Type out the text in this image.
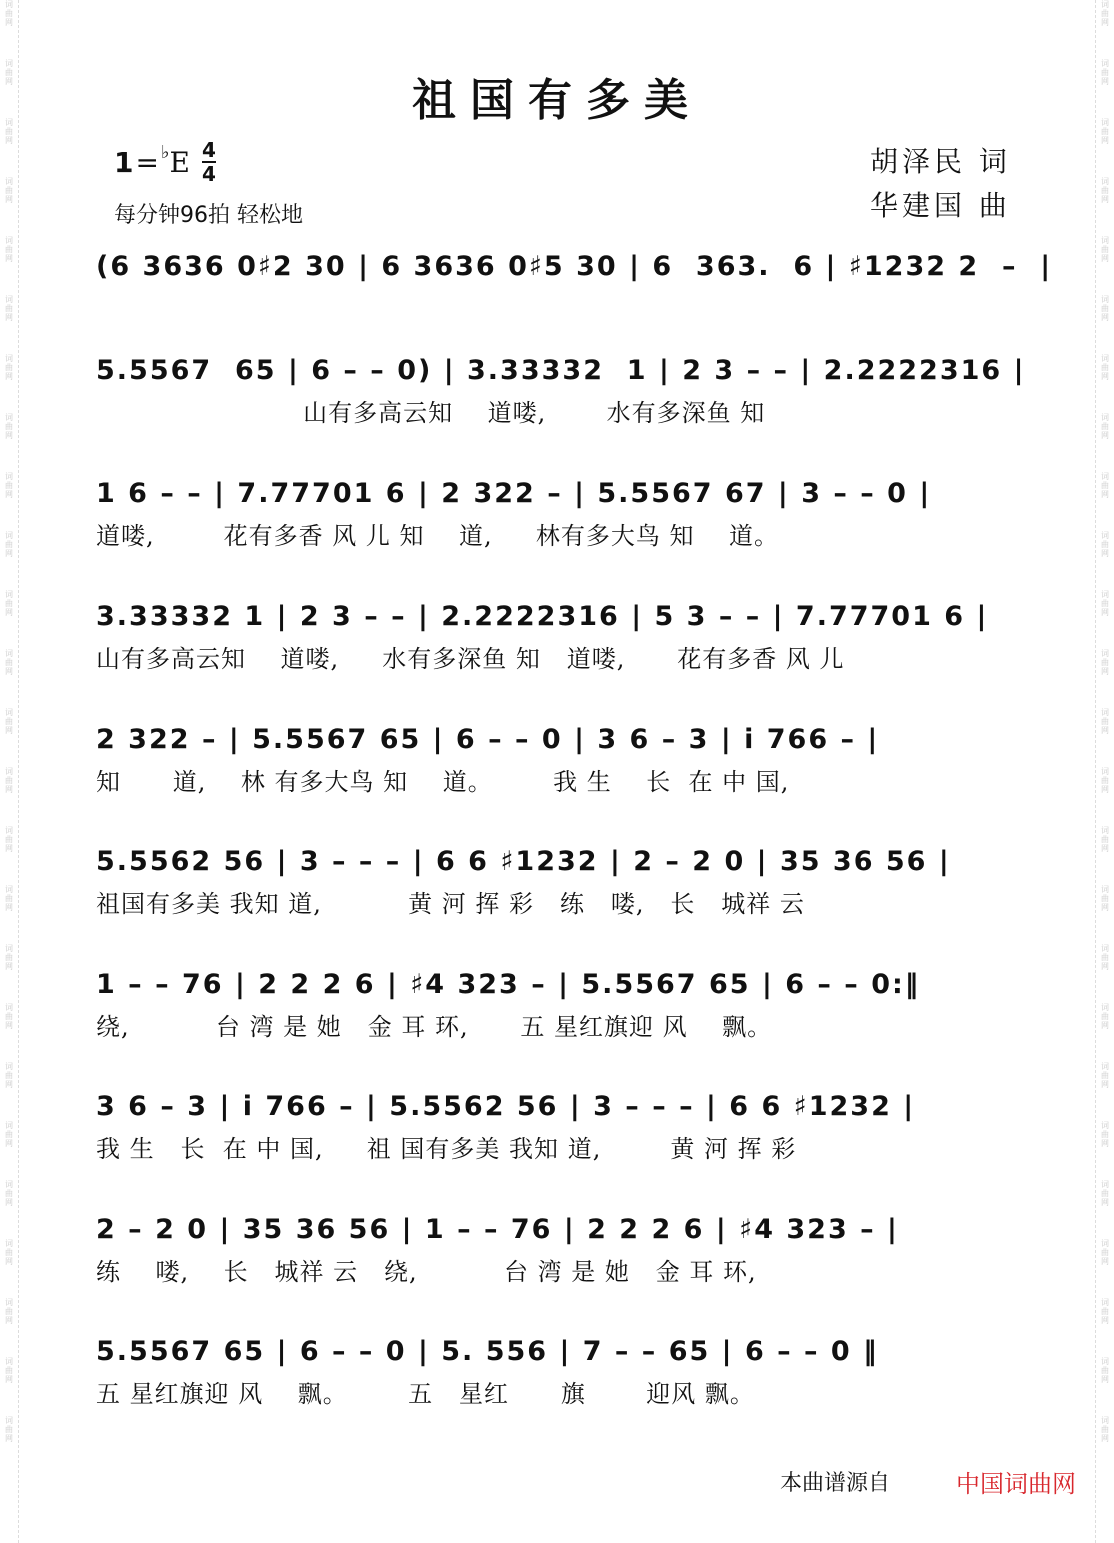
词
曲
网
词
曲
网
词
曲
网
词
曲
网
词
曲
网
词
曲
网
词
曲
网
词
曲
网
词
曲
网
词
曲
网
词
曲
网
词
曲
网
词
曲
网
词
曲
网
词
曲
网
词
曲
网
词
曲
网
词
曲
网
词
曲
网
词
曲
网
词
曲
网
词
曲
网
词
曲
网
词
曲
网
词
曲
网
词
曲
网
词
曲
网
词
曲
网
词
曲
网
词
曲
网
词
曲
网
词
曲
网
词
曲
网
词
曲
网
词
曲
网
词
曲
网
词
曲
网
词
曲
网
词
曲
网
词
曲
网
词
曲
网
词
曲
网
词
曲
网
词
曲
网
词
曲
网
词
曲
网
词
曲
网
词
曲
网
词
曲
网
词
曲
网
祖国有多美
1 = ♭ E 4
4
每分钟96拍 轻松地
胡泽民 词
华建国 曲
(6 3636 0♯2 30 | 6 3636 0♯5 30 | 6  363.  6 | ♯1232 2  –  |
5.5567  65 | 6 – – 0) | 3.33332  1 | 2 3 – – | 2.2222316 |
山有多高云知    道喽,       水有多深鱼 知
1 6 – – | 7.77701 6 | 2 322 – | 5.5567 67 | 3 – – 0 |
道喽,        花有多香 风 儿 知    道,     林有多大鸟 知    道。
3.33332 1 | 2 3 – – | 2.2222316 | 5 3 – – | 7.77701 6 |
山有多高云知    道喽,     水有多深鱼 知   道喽,      花有多香 风 儿
2 322 – | 5.5567 65 | 6 – – 0 | 3 6 – 3 | i 766 – |
知      道,    林 有多大鸟 知    道。       我 生    长  在 中 国,
5.5562 56 | 3 – – – | 6 6 ♯1232 | 2 – 2 0 | 35 36 56 |
祖国有多美 我知 道,          黄 河 挥 彩   练   喽,   长   城祥 云
1 – – 76 | 2 2 2 6 | ♯4 323 – | 5.5567 65 | 6 – – 0:‖
绕,          台 湾 是 她   金 耳 环,      五 星红旗迎 风    飘。
3 6 – 3 | i 766 – | 5.5562 56 | 3 – – – | 6 6 ♯1232 |
我 生   长  在 中 国,     祖 国有多美 我知 道,        黄 河 挥 彩
2 – 2 0 | 35 36 56 | 1 – – 76 | 2 2 2 6 | ♯4 323 – |
练    喽,    长   城祥 云   绕,          台 湾 是 她   金 耳 环,
5.5567 65 | 6 – – 0 | 5. 556 | 7 – – 65 | 6 – – 0 ‖
五 星红旗迎 风    飘。       五   星红      旗       迎风 飘。
本曲谱源自	中国词曲网
